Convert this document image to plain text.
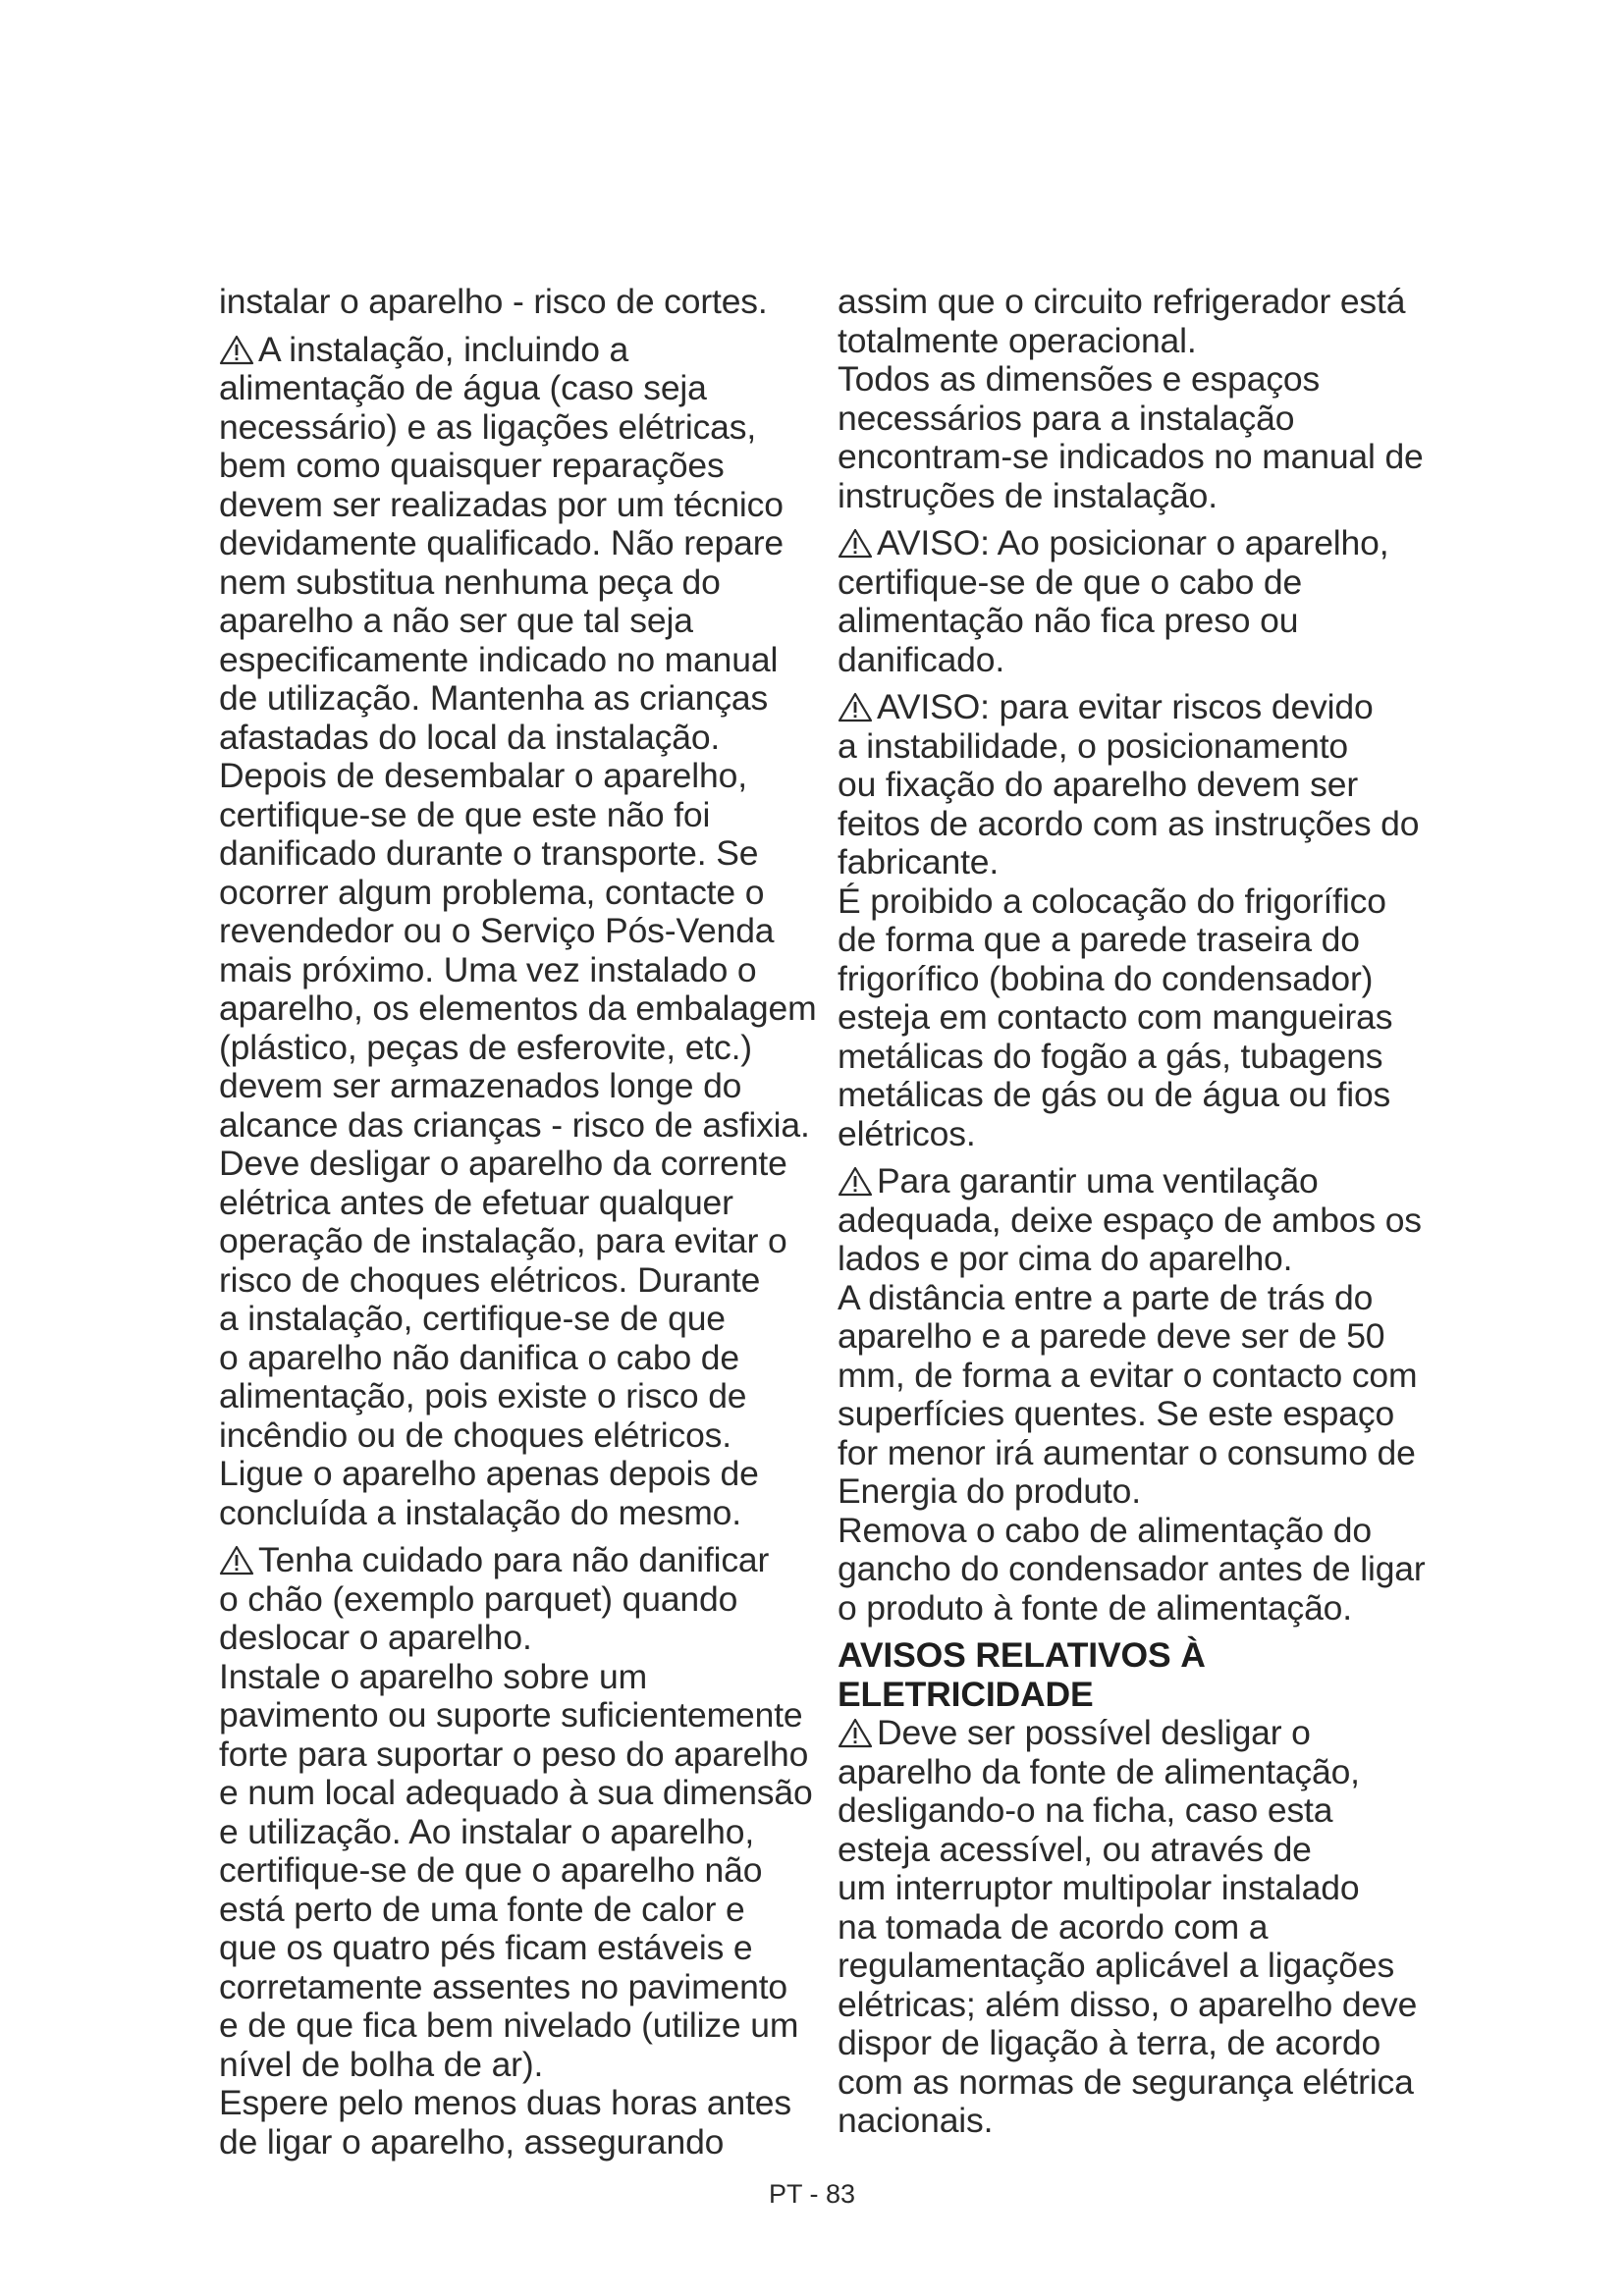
instalar o aparelho - risco de cortes.
A instalação, incluindo a
alimentação de água (caso seja
necessário) e as ligações elétricas,
bem como quaisquer reparações
devem ser realizadas por um técnico
devidamente qualificado. Não repare
nem substitua nenhuma peça do
aparelho a não ser que tal seja
especificamente indicado no manual
de utilização. Mantenha as crianças
afastadas do local da instalação.
Depois de desembalar o aparelho,
certifique-se de que este não foi
danificado durante o transporte. Se
ocorrer algum problema, contacte o
revendedor ou o Serviço Pós-Venda
mais próximo. Uma vez instalado o
aparelho, os elementos da embalagem
(plástico, peças de esferovite, etc.)
devem ser armazenados longe do
alcance das crianças - risco de asfixia.
Deve desligar o aparelho da corrente
elétrica antes de efetuar qualquer
operação de instalação, para evitar o
risco de choques elétricos. Durante
a instalação, certifique-se de que
o aparelho não danifica o cabo de
alimentação, pois existe o risco de
incêndio ou de choques elétricos.
Ligue o aparelho apenas depois de
concluída a instalação do mesmo.
Tenha cuidado para não danificar
o chão (exemplo parquet) quando
deslocar o aparelho.
Instale o aparelho sobre um
pavimento ou suporte suficientemente
forte para suportar o peso do aparelho
e num local adequado à sua dimensão
e utilização. Ao instalar o aparelho,
certifique-se de que o aparelho não
está perto de uma fonte de calor e
que os quatro pés ficam estáveis e
corretamente assentes no pavimento
e de que fica bem nivelado (utilize um
nível de bolha de ar).
Espere pelo menos duas horas antes
de ligar o aparelho, assegurando
assim que o circuito refrigerador está
totalmente operacional.
Todos as dimensões e espaços
necessários para a instalação
encontram-se indicados no manual de
instruções de instalação.
AVISO: Ao posicionar o aparelho,
certifique-se de que o cabo de
alimentação não fica preso ou
danificado.
AVISO: para evitar riscos devido
a instabilidade, o posicionamento
ou fixação do aparelho devem ser
feitos de acordo com as instruções do
fabricante.
É proibido a colocação do frigorífico
de forma que a parede traseira do
frigorífico (bobina do condensador)
esteja em contacto com mangueiras
metálicas do fogão a gás, tubagens
metálicas de gás ou de água ou fios
elétricos.
Para garantir uma ventilação
adequada, deixe espaço de ambos os
lados e por cima do aparelho.
A distância entre a parte de trás do
aparelho e a parede deve ser de 50
mm, de forma a evitar o contacto com
superfícies quentes. Se este espaço
for menor irá aumentar o consumo de
Energia do produto.
Remova o cabo de alimentação do
gancho do condensador antes de ligar
o produto à fonte de alimentação.
AVISOS RELATIVOS À
ELETRICIDADE
Deve ser possível desligar o
aparelho da fonte de alimentação,
desligando-o na ficha, caso esta
esteja acessível, ou através de
um interruptor multipolar instalado
na tomada de acordo com a
regulamentação aplicável a ligações
elétricas; além disso, o aparelho deve
dispor de ligação à terra, de acordo
com as normas de segurança elétrica
nacionais.
PT - 83
